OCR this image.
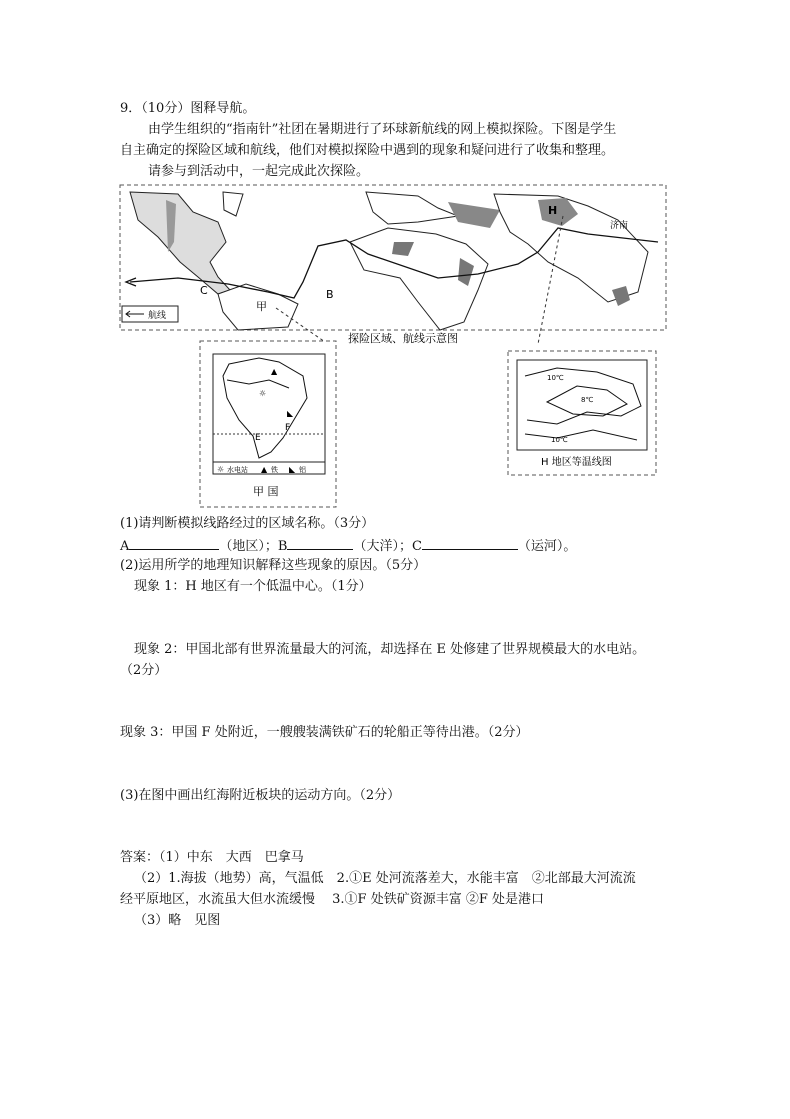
9．（10分）图释导航。
由学生组织的“指南针”社团在暑期进行了环球新航线的网上模拟探险。下图是学生
自主确定的探险区域和航线，他们对模拟探险中遇到的现象和疑问进行了收集和整理。
请参与到活动中，一起完成此次探险。
H
济南
C	B
甲
航线
探险区域、航线示意图
E
F
☼
▲
◣
☼ 水电站 ▲ 铁 ◣ 铝
甲 国
10℃
8℃
10℃
H 地区等温线图
(1)请判断模拟线路经过的区域名称。（3分）
A	（地区）；B	（大洋）；C	（运河）。
(2)运用所学的地理知识解释这些现象的原因。（5分）
现象 1：H 地区有一个低温中心。（1分）
现象 2：甲国北部有世界流量最大的河流，却选择在 E 处修建了世界规模最大的水电站。
（2分）
现象 3：甲国 F 处附近，一艘艘装满铁矿石的轮船正等待出港。（2分）
(3)在图中画出红海附近板块的运动方向。（2分）
答案：（1）中东　大西　巴拿马
（2）1.海拔（地势）高，气温低　2.①E 处河流落差大，水能丰富　②北部最大河流流
经平原地区，水流虽大但水流缓慢　 3.①F 处铁矿资源丰富 ②F 处是港口
（3）略　见图
